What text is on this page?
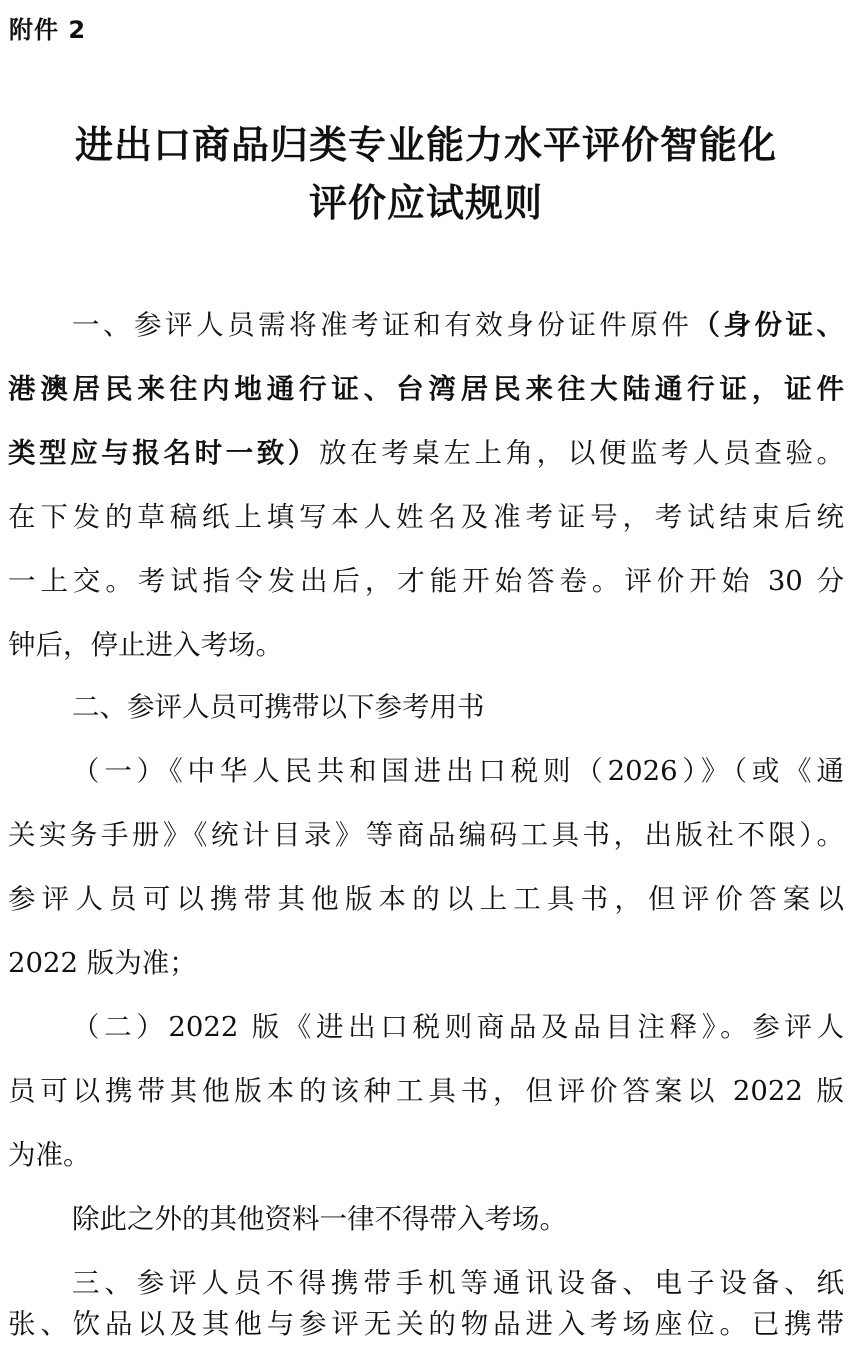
附件 2
进出口商品归类专业能力水平评价智能化
评价应试规则
一、参评人员需将准考证和有效身份证件原件（身份证、
港澳居民来往内地通行证、台湾居民来往大陆通行证，证件
类型应与报名时一致）放在考桌左上角，以便监考人员查验。
在下发的草稿纸上填写本人姓名及准考证号，考试结束后统
一上交。考试指令发出后，才能开始答卷。评价开始 30 分
钟后，停止进入考场。
二、参评人员可携带以下参考用书
（一）《中华人民共和国进出口税则（2026）》（或《通
关实务手册》《统计目录》等商品编码工具书，出版社不限）。
参评人员可以携带其他版本的以上工具书，但评价答案以
2022 版为准；
（二）2022 版《进出口税则商品及品目注释》。参评人
员可以携带其他版本的该种工具书，但评价答案以 2022 版
为准。
除此之外的其他资料一律不得带入考场。
三、参评人员不得携带手机等通讯设备、电子设备、纸
张、饮品以及其他与参评无关的物品进入考场座位。已携带
